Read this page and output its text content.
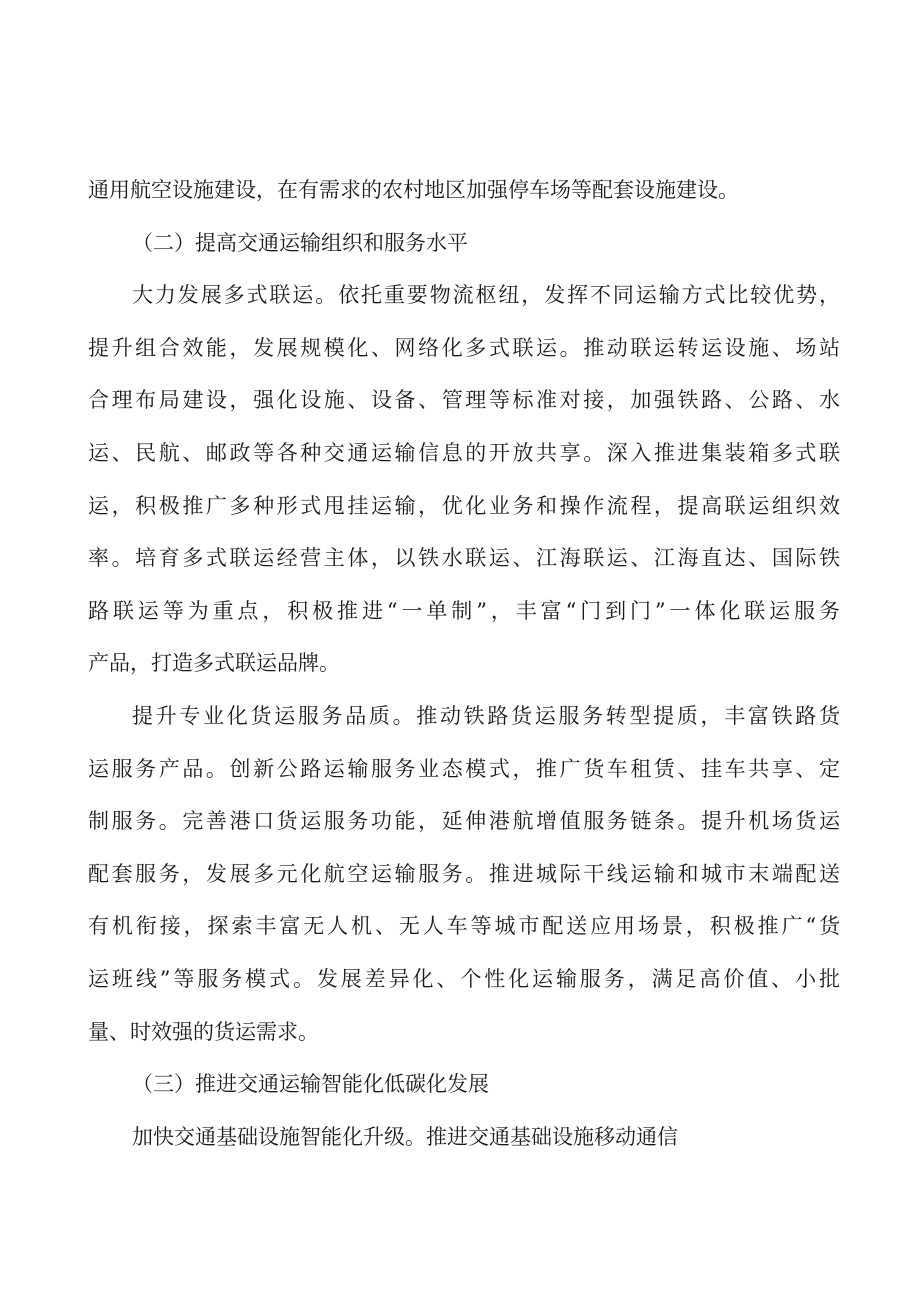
通用航空设施建设，在有需求的农村地区加强停车场等配套设施建设。
（二）提高交通运输组织和服务水平
大力发展多式联运。依托重要物流枢纽，发挥不同运输方式比较优势，
提升组合效能，发展规模化、网络化多式联运。推动联运转运设施、场站
合理布局建设，强化设施、设备、管理等标准对接，加强铁路、公路、水
运、民航、邮政等各种交通运输信息的开放共享。深入推进集装箱多式联
运，积极推广多种形式甩挂运输，优化业务和操作流程，提高联运组织效
率。培育多式联运经营主体，以铁水联运、江海联运、江海直达、国际铁
路联运等为重点，积极推进“一单制”，丰富“门到门”一体化联运服务
产品，打造多式联运品牌。
提升专业化货运服务品质。推动铁路货运服务转型提质，丰富铁路货
运服务产品。创新公路运输服务业态模式，推广货车租赁、挂车共享、定
制服务。完善港口货运服务功能，延伸港航增值服务链条。提升机场货运
配套服务，发展多元化航空运输服务。推进城际干线运输和城市末端配送
有机衔接，探索丰富无人机、无人车等城市配送应用场景，积极推广“货
运班线”等服务模式。发展差异化、个性化运输服务，满足高价值、小批
量、时效强的货运需求。
（三）推进交通运输智能化低碳化发展
加快交通基础设施智能化升级。推进交通基础设施移动通信
